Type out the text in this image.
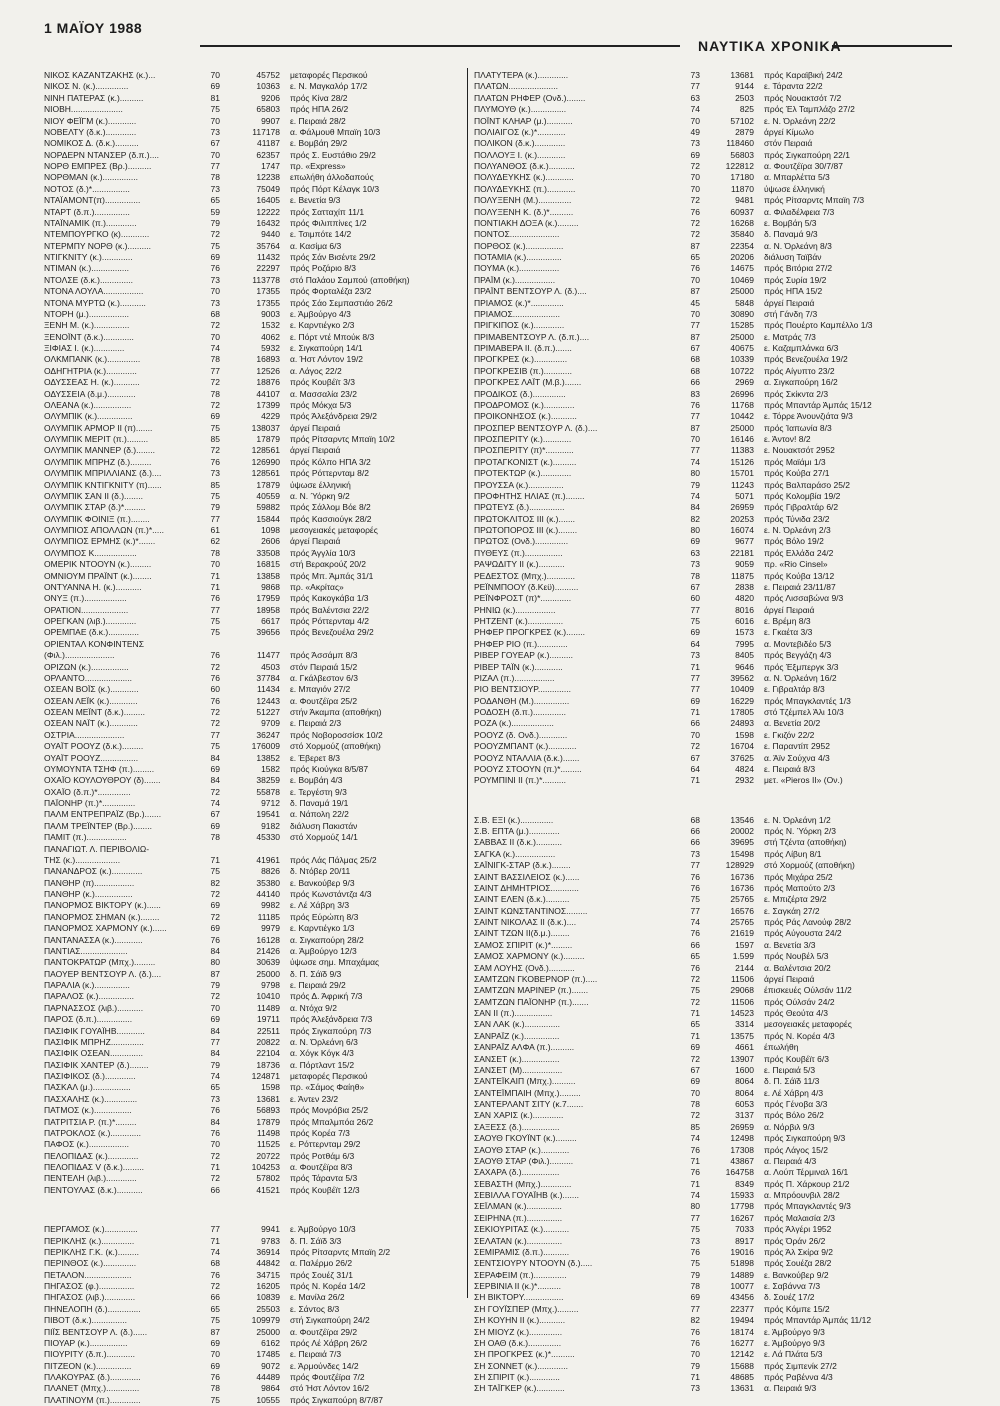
1 ΜΑΪΟΥ 1988
ΝΑΥΤΙΚΑ ΧΡΟΝΙΚΑ
ΝΙΚΟΣ ΚΑΖΑΝΤΖΑΚΗΣ (κ.)...	70	45752	μεταφορές Περσικού
ΝΙΚΟΣ Ν. (κ.)..............	69	10363	ε. Ν. Μαγκαλόρ 17/2
ΝΙΝΗ ΠΑΤΕΡΑΣ (κ.)..........	81	9206	πρός Κίνα 28/2
ΝΙΟΒΗ......................	75	65803	πρός ΗΠΑ 26/2
ΝΙΟΥ ΦΕΪΓΜ (κ.)............	70	9907	ε. Πειραιά 28/2
ΝΟΒΕΛΤΥ (δ.κ.).............	73	117178	α. Φάλμουθ Μπαϊη 10/3
ΝΟΜΙΚΟΣ Δ. (δ.κ.)..........	67	41187	ε. Βομβάη 29/2
ΝΟΡΔΕΡΝ ΝΤΑΝΣΕΡ (δ.π.)....	70	62357	πρός Σ. Ευστάθιο 29/2
ΝΟΡΘ ΕΜΠΡΕΣ (Βρ.)..........	77	1747	πρ. «Express»
ΝΟΡΘΜΑΝ (κ.)...............	78	12238	επωλήθη άλλοδαπούς
ΝΟΤΟΣ (δ.)*................	73	75049	πρός Πόρτ Κέλαγκ 10/3
ΝΤΑΪΑΜΟΝΤ(π)...............	65	16405	ε. Βενετία 9/3
ΝΤΑΡΤ (δ.π.)...............	59	12222	πρός Σατταχίπ 11/1
ΝΤΑΪΝΑΜΙΚ (π.).............	79	16432	πρός Φιλιππίνες 1/2
ΝΤΕΜΠΟΥΡΓΚΟ (κ)............	72	9440	ε. Τσιμπότε 14/2
ΝΤΕΡΜΠΥ ΝΟΡΘ (κ.)..........	75	35764	α. Κασίμα 6/3
ΝΤΙΓΚΝΙΤΥ (κ.).............	69	11432	πρός Σάν Βισέντε 29/2
ΝΤΙΜΑΝ (κ.)................	76	22297	πρός Ροζάριο 8/3
ΝΤΟΛΣΕ (δ.κ.)..............	73	113778	στό Παλάου Σαμπού (αποθήκη)
ΝΤΟΝΑ ΛΟΥΛΑ.................	70	17355	πρός Φορταλέζα 23/2
ΝΤΟΝΑ ΜΥΡΤΩ (κ.)...........	73	17355	πρός Σάο Σεμπαστιάο 26/2
ΝΤΟΡΗ (μ.).................	68	9003	ε. Άμβούργο 4/3
ΞΕΝΗ Μ. (κ.)...............	72	1532	ε. Καρντιέγκο 2/3
ΞΕΝΟΪΝΤ (δ.κ.).............	70	4062	ε. Πόρτ ντέ Μπούκ 8/3
ΞΙΦΙΑΣ Ι. (κ.).............	74	5932	ε. Σιγκαπούρη 14/1
ΟΛΚΜΠΑΝΚ (κ.)..............	78	16893	α. Ήστ Λόντον 19/2
ΟΔΗΓΗΤΡΙΑ (κ.).............	77	12526	α. Λάγος 22/2
ΟΔΥΣΣΕΑΣ Η. (κ.)...........	72	18876	πρός Κουβέϊτ 3/3
ΟΔΥΣΣΕΙΑ (δ.μ.)............	78	44107	α. Μασσαλία 23/2
ΟΛΕΑΝΑ (κ.)................	72	17399	πρός Μόκχα 5/3
ΟΛΥΜΠΙΚ (κ.)...............	69	4229	πρός Άλεξάνδρεια 29/2
ΟΛΥΜΠΙΚ ΑΡΜΟΡ ΙΙ (π).......	75	138037	άργεί Πειραιά
ΟΛΥΜΠΙΚ ΜΕΡΙΤ (π.).........	85	17879	πρός Ρίτσαρντς Μπαϊη 10/2
ΟΛΥΜΠΙΚ ΜΑΝΝΕΡ (δ.)........	72	128561	άργεί Πειραιά
ΟΛΥΜΠΙΚ ΜΠΡΗΖ (δ.).........	76	126990	πρός Κόλπο ΗΠΑ 3/2
ΟΛΥΜΠΙΚ ΜΠΡΙΛΛΙΑΝΣ (δ.)....	73	128561	πρός Ρόττερνταμ 8/2
ΟΛΥΜΠΙΚ ΚΝΤΙΓΚΝΙΤΥ (π)......	85	17879	ύψωσε έλληνική
ΟΛΥΜΠΙΚ ΣΑΝ ΙΙ (δ.)........	75	40559	α. Ν. Ύόρκη 9/2
ΟΛΥΜΠΙΚ ΣΤΑΡ (δ.)*.........	79	59882	πρός Σάλλομ Βόε 8/2
ΟΛΥΜΠΙΚ ΦΟΙΝΙΞ (π.)........	77	15844	πρός Κασσιούγκ 28/2
ΟΛΥΜΠΙΟΣ ΑΠΟΛΛΩΝ (π.)*.....	61	1098	μεσογειακές μεταφορές
ΟΛΥΜΠΙΟΣ ΕΡΜΗΣ (κ.)*.......	62	2606	άργεί Πειραιά
ΟΛΥΜΠΟΣ Κ..................	78	33508	πρός Άγγλία 10/3
ΟΜΕΡΙΚ ΝΤΟΟΥΝ (κ.).........	70	16815	στή Βερακρούζ 20/2
ΟΜΝΙΟΥΜ ΠΡΑΪΝΤ (κ.)........	71	13858	πρός Μπ. Άμπάς 31/1
ΟΝΤΥΑΝΝΑ Η. (κ.)...........	71	9868	πρ. «Ακρίτας»
ΟΝΥΞ (π.)..................	76	17959	πρός Κακογκάβα 1/3
ΟΡΑΤΙΟΝ....................	77	18958	πρός Βαλέντσια 22/2
ΟΡΕΓΚΑΝ (λιβ.).............	75	6617	πρός Ρόττερνταμ 4/2
ΟΡΕΜΠΑΕ (δ.κ.).............	75	39656	πρός Βενεζουέλα 29/2
ΟΡΙΕΝΤΑΛ ΚΟΝΦΙΝΤΕΝΣ
(Φιλ.).....................	76	11477	πρός Άσσάμπ 8/3
ΟΡΙΖΩΝ (κ.)................	72	4503	στόν Πειραιά 15/2
ΟΡΛΑΝΤΟ....................	76	37784	α. Γκάλβεστον 6/3
ΟΣΕΑΝ ΒΟΪΣ (κ.)............	60	11434	ε. Μπαγιόν 27/2
ΟΣΕΑΝ ΛΕΪΚ (κ.)............	76	12443	α. Φουτζέϊρα 25/2
ΟΣΕΑΝ ΜΕΪΝΤ (δ.κ.).........	72	51227	στήν Άκαμπα (αποθήκη)
ΟΣΕΑΝ ΝΑΪΤ (κ.)............	72	9709	ε. Πειραιά 2/3
ΟΣΤΡΙΑ.....................	77	36247	πρός Νοβοροσσίσκ 10/2
ΟΥΑΪΤ ΡΟΟΥΖ (δ.κ.).........	75	176009	στό Χορμούζ (αποθήκη)
ΟΥΑΪΤ ΡΟΟΥΖ................	84	13852	ε. Έβερετ 8/3
ΟΥΜΟΥΝΤΑ ΤΣΗΦ (π.).........	69	1582	πρός Κιούγκα 8/5/87
ΟΧΑΪΟ ΚΟΥΛΟΥΘΡΟΥ (δ).......	84	38259	ε. Βομβάη 4/3
ΟΧΑΪΟ (δ.π.)*..............	72	55878	ε. Τεργέστη 9/3
ΠΑΪΟΝΗΡ (π.)*..............	74	9712	δ. Παναμά 19/1
ΠΑΛΜ ΕΝΤΡΕΠΡΑΪΖ (Βρ.).......	67	19541	α. Νάπολη 22/2
ΠΑΛΜ ΤΡΕΪΝΤΕΡ (Βρ.)........	69	9182	διάλυση Πακιστάν
ΠΑΜΙΤ (π.).................	78	45330	στό Χορμούζ 14/1
ΠΑΝΑΓΙΩΤ. Λ. ΠΕΡΙΒΟΛΙΩ-
ΤΗΣ (κ.)...................	71	41961	πρός Λάς Πάλμας 25/2
ΠΑΝΑΝΔΡΟΣ (κ.).............	75	8826	δ. Ντόβερ 20/11
ΠΑΝΘΗΡ (π).................	82	35380	ε. Βανκούβερ 9/3
ΠΑΝΘΗΡ (κ.)................	72	44140	πρός Κωνστάντζα 4/3
ΠΑΝΟΡΜΟΣ ΒΙΚΤΟΡΥ (κ.)......	69	9982	ε. Λέ Χάβρη 3/3
ΠΑΝΟΡΜΟΣ ΣΗΜΑΝ (κ.)........	72	11185	πρός Εύρώπη 8/3
ΠΑΝΟΡΜΟΣ ΧΑΡΜΟΝΥ (κ.)......	69	9979	ε. Καρντιέγκο 1/3
ΠΑΝΤΑΝΑΣΣΑ (κ.)............	76	16128	α. Σιγκαπούρη 28/2
ΠΑΝΤΙΑΣ....................	84	21426	α. Άμβούργο 12/3
ΠΑΝΤΟΚΡΑΤΩΡ (Μπχ.).........	80	30639	ύψωσε σημ. Μπαχάμας
ΠΑΟΥΕΡ ΒΕΝΤΣΟΥΡ Λ. (δ.)....	87	25000	δ. Π. Σάϊδ 9/3
ΠΑΡΑΛΙΑ (κ.)...............	79	9798	ε. Πειραιά 29/2
ΠΑΡΑΛΟΣ (κ.)...............	72	10410	πρός Δ. Άφρική 7/3
ΠΑΡΝΑΣΣΟΣ (λιβ.)...........	70	11489	α. Ντόχα 9/2
ΠΑΡΟΣ (δ.π.)...............	69	19711	πρός Άλεξάνδρεια 7/3
ΠΑΣΙΦΙΚ ΓΟΥΑΪΗΒ............	84	22511	πρός Σιγκαπούρη 7/3
ΠΑΣΙΦΙΚ ΜΠΡΗΖ..............	77	20822	α. Ν. Όρλεάνη 6/3
ΠΑΣΙΦΙΚ ΟΣΕΑΝ..............	84	22104	α. Χόγκ Κόγκ 4/3
ΠΑΣΙΦΙΚ ΧΑΝΤΕΡ (δ.)........	79	18736	α. Πόρτλαντ 15/2
ΠΑΣΙΦΙΚΟΣ (δ.).............	74	124871	μεταφορές Περσικού
ΠΑΣΚΑΛ (μ.)................	65	1598	πρ. «Σάμος Φαίηθ»
ΠΑΣΧΑΛΗΣ (κ.)..............	73	13681	ε. Άντεν 23/2
ΠΑΤΜΟΣ (κ.)................	76	56893	πρός Μονρόβια 25/2
ΠΑΤΡΙΤΣΙΑ Ρ. (π.)*.........	84	17879	πρός Μπαλμπόα 26/2
ΠΑΤΡΟΚΛΟΣ (κ.).............	76	11498	πρός Κορέα 7/3
ΠΑΦΟΣ (κ.).................	70	11525	ε. Ρόττερνταμ 29/2
ΠΕΛΟΠΙΔΑΣ (κ.).............	72	20722	πρός Ροτθάμ 6/3
ΠΕΛΟΠΙΔΑΣ V (δ.κ.).........	71	104253	α. Φουτζέϊρα 8/3
ΠΕΝΤΕΛΗ (λιβ.).............	72	57802	πρός Τάραντα 5/3
ΠΕΝΤΟΥΛΑΣ (δ.κ.)...........	66	41521	πρός Κουβέϊτ 12/3
ΠΕΡΓΑΜΟΣ (κ.)..............	77	9941	ε. Άμβούργο 10/3
ΠΕΡΙΚΛΗΣ (κ.)..............	71	9783	δ. Π. Σάϊδ 3/3
ΠΕΡΙΚΛΗΣ Γ.Κ. (κ.).........	74	36914	πρός Ρίτσαρντς Μπαϊη 2/2
ΠΕΡΙΝΘΟΣ (κ.)..............	68	44842	α. Παλέρμο 26/2
ΠΕΤΑΛΟΝ....................	76	34715	πρός Σουέζ 31/1
ΠΗΓΑΣΟΣ (φ.)...............	72	16205	πρός Ν. Κορέα 14/2
ΠΗΓΑΣΟΣ (λιβ.).............	66	10839	ε. Μανίλα 26/2
ΠΗΝΕΛΟΠΗ (δ.)..............	65	25503	ε. Σάντος 8/3
ΠΙΒΟΤ (δ.κ.)...............	75	109979	στή Σιγκαπούρη 24/2
ΠΙΪΣ ΒΕΝΤΣΟΥΡ Λ. (δ.)......	87	25000	α. Φουτζέϊρα 29/2
ΠΙΟΥΑΡ (κ.)................	69	6162	πρός Λέ Χάβρη 26/2
ΠΙΟΥΡΙΤΥ (δ.π.)............	70	17485	ε. Πειραιά 7/3
ΠΙΤΖΕΟΝ (κ.)...............	69	9072	ε. Άρμούνδες 14/2
ΠΛΑΚΟΥΡΑΣ (δ.).............	76	44489	πρός Φουτζέϊρα 7/2
ΠΛΑΝΕΤ (Μπχ.)..............	78	9864	στό Ήστ Λόντον 16/2
ΠΛΑΤΙΝΟΥΜ (π.).............	75	10555	πρός Σιγκαπούρη 8/7/87
ΠΛΑΤΥΤΕΡΑ (κ.).............	73	13681	πρός Καραϊβική 24/2
ΠΛΑΤΩΝ.....................	77	9144	ε. Τάραντα 22/2
ΠΛΑΤΩΝ ΡΗΦΕΡ (Ονδ.)........	63	2503	πρός Νουακτσότ 7/2
ΠΛΥΜΟΥΘ (κ.)...............	74	825	πρός Έλ Ταμπλάζο 27/2
ΠΟΪΝΤ ΚΛΗΑΡ (μ.)...........	70	57102	ε. Ν. Όρλεάνη 22/2
ΠΟΛΙΑΙΓΟΣ (κ.)*............	49	2879	άργεί Κίμωλο
ΠΟΛΙΚΟΝ (δ.κ.).............	73	118460	στόν Πειραιά
ΠΟΛΛΟΥΞ Ι. (κ.)............	69	56803	πρός Σιγκαπούρη 22/1
ΠΟΛΥΑΝΘΟΣ (δ.κ.)...........	72	122812	α. Φουτζέϊρα 30/7/87
ΠΟΛΥΔΕΥΚΗΣ (κ.)............	70	17180	α. Μπαρλέττα 5/3
ΠΟΛΥΔΕΥΚΗΣ (π.)............	70	11870	ύψωσε έλληνική
ΠΟΛΥΞΕΝΗ (Μ.)..............	72	9481	πρός Ρίτσαρντς Μπαϊη 7/3
ΠΟΛΥΞΕΝΗ Κ. (δ.)*..........	76	60937	α. Φιλαδέλφεια 7/3
ΠΟΝΤΙΑΚΗ ΔΟΞΑ (κ.).........	72	16268	ε. Βομβάη 5/3
ΠΟΝΤΟΣ.....................	72	35840	δ. Παναμά 9/3
ΠΟΡΘΟΣ (κ.)................	87	22354	α. Ν. Όρλεάνη 8/3
ΠΟΤΑΜΙΑ (κ.)...............	65	20206	διάλυση Ταϊβάν
ΠΟΥΜΑ (κ.).................	76	14675	πρός Βιτόρια 27/2
ΠΡΑΪΜ (κ.).................	70	10469	πρός Συρία 19/2
ΠΡΑΪΝΤ ΒΕΝΤΣΟΥΡ Λ. (δ.)....	87	25000	πρός ΗΠΑ 15/2
ΠΡΙΑΜΟΣ (κ.)*..............	45	5848	άργεί Πειραιά
ΠΡΙΑΜΟΣ....................	70	30890	στή Γάνδη 7/3
ΠΡΙΓΚΙΠΟΣ (κ.).............	77	15285	πρός Πουέρτο Καμπέλλο 1/3
ΠΡΙΜΑΒΕΝΤΣΟΥΡ Λ. (δ.π.)....	87	25000	ε. Ματράς 7/3
ΠΡΙΜΑΒΕΡΑ ΙΙ. (δ.π.).......	67	40675	ε. Καζαμπλάνκα 6/3
ΠΡΟΓΚΡΕΣ (κ.)..............	68	10339	πρός Βενεζουέλα 19/2
ΠΡΟΓΚΡΕΣΙΒ (π.)............	68	10722	πρός Αίγυπτο 23/2
ΠΡΟΓΚΡΕΣ ΛΑΪΤ (Μ.β.).......	66	2969	α. Σιγκαπούρη 16/2
ΠΡΟΔΙΚΟΣ (δ.)..............	83	26996	πρός Σκίκντα 2/3
ΠΡΟΔΡΟΜΟΣ (κ.).............	76	11768	πρός Μπαντάρ Άμπάς 15/12
ΠΡΟΙΚΟΝΗΣΟΣ (κ.)...........	77	10442	ε. Τόρρε Άνουνζιάτα 9/3
ΠΡΟΣΠΕΡ ΒΕΝΤΣΟΥΡ Λ. (δ.)....	87	25000	πρός Ίαπωνία 8/3
ΠΡΟΣΠΕΡΙΤΥ (κ.)............	70	16146	ε. Άντον! 8/2
ΠΡΟΣΠΕΡΙΤΥ (π)*............	77	11383	ε. Νουακτσότ 2952
ΠΡΟΤΑΓΚΟΝΙΣΤ (κ.)..........	74	15126	πρός Μαϊάμι 1/3
ΠΡΟΤΕΚΤΩΡ (κ.).............	80	15701	πρός Κούβα 27/1
ΠΡΟΥΣΣΑ (κ.)...............	79	11243	πρός Βαλπαράσο 25/2
ΠΡΟΦΗΤΗΣ ΗΛΙΑΣ (π.)........	74	5071	πρός Κολομβία 19/2
ΠΡΩΤΕΥΣ (δ.)...............	84	26959	πρός Γιβραλτάρ 6/2
ΠΡΩΤΟΚΛΙΤΟΣ ΙΙΙ (κ.).......	82	20253	πρός Τύνιδα 23/2
ΠΡΩΤΟΠΟΡΟΣ ΙΙΙ (κ.)........	80	16074	ε. Ν. Όρλεάνη 2/3
ΠΡΩΤΟΣ (Ονδ.)..............	69	9677	πρός Βόλο 19/2
ΠΥΘΕΥΣ (π.)................	63	22181	πρός Ελλάδα 24/2
ΡΑΨΩΔΙΤΥ ΙΙ (κ.)...........	73	9059	πρ. «Rio Cinsel»
ΡΕΔΕΣΤΟΣ (Μπχ.)............	78	11875	πρός Κούβα 13/12
ΡΕΪΝΜΠΟΟΥ (δ.Κεϋ)..........	67	2838	ε. Πειραιά 23/11/87
ΡΕΪΝΦΡΟΣΤ (π)*.............	60	4820	πρός Λισσαβώνα 9/3
ΡΗΝΙΩ (κ.).................	77	8016	άργεί Πειραιά
ΡΗΤΖΕΝΤ (κ.)...............	75	6016	ε. Βρέμη 8/3
ΡΗΦΕΡ ΠΡΟΓΚΡΕΣ (κ.)........	69	1573	ε. Γκαέτα 3/3
ΡΗΦΕΡ ΡΙΟ (π.).............	64	7995	α. Μοντεβιδέο 5/3
ΡΙΒΕΡ ΓΟΥΕΑΡ (κ.)..........	73	8405	πρός Βεγγάζη 4/3
ΡΙΒΕΡ ΤΑΪΝ (κ.)............	71	9646	πρός Έξμπεργκ 3/3
ΡΙΖΑΛ (π.).................	77	39562	α. Ν. Όρλεάνη 16/2
ΡΙΟ ΒΕΝΤΣΙΟΥΡ..............	77	10409	ε. Γιβραλτάρ 8/3
ΡΟΔΑΝΘΗ (Μ.)...............	69	16229	πρός Μπαγκλαντές 1/3
ΡΟΔΟΣΗ (δ.π.)..............	71	17805	στό Τζέμπελ Άλι 10/3
ΡΟΖΑ (κ.)..................	66	24893	α. Βενετία 20/2
ΡΟΟΥΖ (δ. Ονδ.)............	70	1598	ε. Γκιζόν 22/2
ΡΟΟΥΖΜΠΑΝΤ (κ.)............	72	16704	ε. Παραντίπ 2952
ΡΟΟΥΖ ΝΤΑΛΛΙΑ (δ.κ.).......	67	37625	α. Άϊν Σούχνα 4/3
ΡΟΟΥΖ ΣΤΟΟΥΝ (π.)*.........	64	4824	ε. Πειραιά 8/3
ΡΟΥΜΠΙΝΙ ΙΙ (π.)*..........	71	2932	μετ. «Pieros II» (Ον.)
Σ.Β. ΕΞΙ (κ.)..............	68	13546	ε. Ν. Όρλεάνη 1/2
Σ.Β. ΕΠΤΑ (μ.).............	66	20002	πρός Ν. Ύόρκη 2/3
ΣΑΒΒΑΣ ΙΙ (δ.κ.)...........	66	39695	στή Τζέντα (αποθήκη)
ΣΑΓΚΑ (κ.).................	73	15498	πρός Λίβυη 8/1
ΣΑΪΝΙΓΚ-ΣΤΑΡ (δ.κ.)........	77	128929	στό Χορμούζ (αποθήκη)
ΣΑΙΝΤ ΒΑΣΣΙΛΕΙΟΣ (κ.)......	76	16736	πρός Μιχάρα 25/2
ΣΑΙΝΤ ΔΗΜΗΤΡΙΟΣ............	76	16736	πρός Μαπούτο 2/3
ΣΑΙΝΤ ΕΛΕΝ (δ.κ.)..........	75	25765	ε. Μπιζέρτα 29/2
ΣΑΙΝΤ ΚΩΝΣΤΑΝΤΙΝΟΣ.........	77	16576	ε. Σαγκάη 27/2
ΣΑΙΝΤ ΝΙΚΟΛΑΣ ΙΙ (δ.κ.)....	74	25765	πρός Ράς Λανούφ 28/2
ΣΑΙΝΤ ΤΖΩΝ ΙΙ(δ.μ.)........	76	21619	πρός Αύγουστα 24/2
ΣΑΜΟΣ ΣΠΙΡΙΤ (κ.)*.........	66	1597	α. Βενετία 3/3
ΣΑΜΟΣ ΧΑΡΜΟΝΥ (κ.).........	65	1.599	πρός Νουβέλ 5/3
ΣΑΜ ΛΟΥΗΣ (Ονδ.)...........	76	2144	α. Βαλέντσια 20/2
ΣΑΜΤΖΩΝ ΓΚΟΒΕΡΝΟΡ (π.).....	72	11506	άργεί Πειραιά
ΣΑΜΤΖΩΝ ΜΑΡΙΝΕΡ (π.).......	75	29068	έπισκευές Ούλσάν 11/2
ΣΑΜΤΖΩΝ ΠΑΪΟΝΗΡ (π.).......	72	11506	πρός Ούλσάν 24/2
ΣΑΝ ΙΙ (π.)................	71	14523	πρός Θεούτα 4/3
ΣΑΝ ΛΑΚ (κ.)...............	65	3314	μεσογειακές μεταφορές
ΣΑΝΡΑΪΖ (κ.)...............	71	13575	πρός Ν. Κορέα 4/3
ΣΑΝΡΑΪΖ ΑΛΦΑ (π.)..........	69	4661	έπωλήθη
ΣΑΝΣΕΤ (κ.)................	72	13907	πρός Κουβέϊτ 6/3
ΣΑΝΣΕΤ (Μ).................	67	1600	ε. Πειραιά 5/3
ΣΑΝΤΕΪΚΑΙΠ (Μπχ.)..........	69	8064	δ. Π. Σάϊδ 11/3
ΣΑΝΤΕΪΜΠΑΙΗ (Μπχ.).........	70	8064	ε. Λέ Χάβρη 4/3
ΣΑΝΤΕΡΛΑΝΤ ΣΙΤΥ (κ.7.......	78	6053	πρός Γένοβα 3/3
ΣΑΝ ΧΑΡΙΣ (κ.).............	72	3137	πρός Βόλο 26/2
ΣΑΞΕΣΣ (δ.)................	85	26959	α. Νόρβιλ 9/3
ΣΑΟΥΘ ΓΚΟΥΪΝΤ (κ.).........	74	12498	πρός Σιγκαπούρη 9/3
ΣΑΟΥΘ ΣΤΑΡ (κ.)............	76	17308	πρός Λάγος 15/2
ΣΑΟΥΘ ΣΤΑΡ (Φιλ.)..........	71	43867	α. Πειραιά 4/3
ΣΑΧΑΡΑ (δ.)................	76	164758	α. Λούπ Τέρμιναλ 16/1
ΣΕΒΑΣΤΗ (Μπχ.).............	71	8349	πρός Π. Χάρκουρ 21/2
ΣΕΒΙΛΛΑ ΓΟΥΑΪΗΒ (κ.).......	74	15933	α. Μπρόουνβιλ 28/2
ΣΕΪΛΜΑΝ (κ.)...............	80	17798	πρός Μπαγκλαντές 9/3
ΣΕΙΡΗΝΑ (π.)...............	77	16267	πρός Μαλαισία 2/3
ΣΕΚΙΟΥΡΙΤΑΣ (κ.)...........	75	7033	πρός Άλγέρι 1952
ΣΕΛΑΤΑΝ (κ.)...............	73	8917	πρός Όράν 26/2
ΣΕΜΙΡΑΜΙΣ (δ.π.)...........	76	19016	πρός Άλ Σκίρα 9/2
ΣΕΝΤΣΙΟΥΡΥ ΝΤΟΟΥΝ (δ.).....	75	51898	πρός Σουέζα 28/2
ΣΕΡΑΦΕΙΜ (π.)..............	79	14889	ε. Βανκούβερ 9/2
ΣΕΡΒΙΝΙΑ ΙΙ (κ.)*..........	78	10077	ε. Σαβάννα 7/3
ΣΗ ΒΙΚΤΟΡΥ.................	69	43456	δ. Σουέζ 17/2
ΣΗ ΓΟΥΪΣΠΕΡ (Μπχ.).........	77	22377	πρός Κόμπε 15/2
ΣΗ ΚΟΥΗΝ ΙΙ (κ.)...........	82	19494	πρός Μπαντάρ Άμπάς 11/12
ΣΗ ΜΙΟΥΖ (κ.)..............	76	18174	ε. Άμβούργο 9/3
ΣΗ ΟΑΘ (δ.κ.)..............	76	16277	ε. Άμβούργο 9/3
ΣΗ ΠΡΟΓΚΡΕΣ (κ.)*..........	70	12142	ε. Λά Πλάτα 5/3
ΣΗ ΣΟΝΝΕΤ (κ.).............	79	15688	πρός Σιμπενίκ 27/2
ΣΗ ΣΠΙΡΙΤ (κ.).............	71	48685	πρός Ραβέννα 4/3
ΣΗ ΤΑΪΓΚΕΡ (κ.)............	73	13631	α. Πειραιά 9/3
